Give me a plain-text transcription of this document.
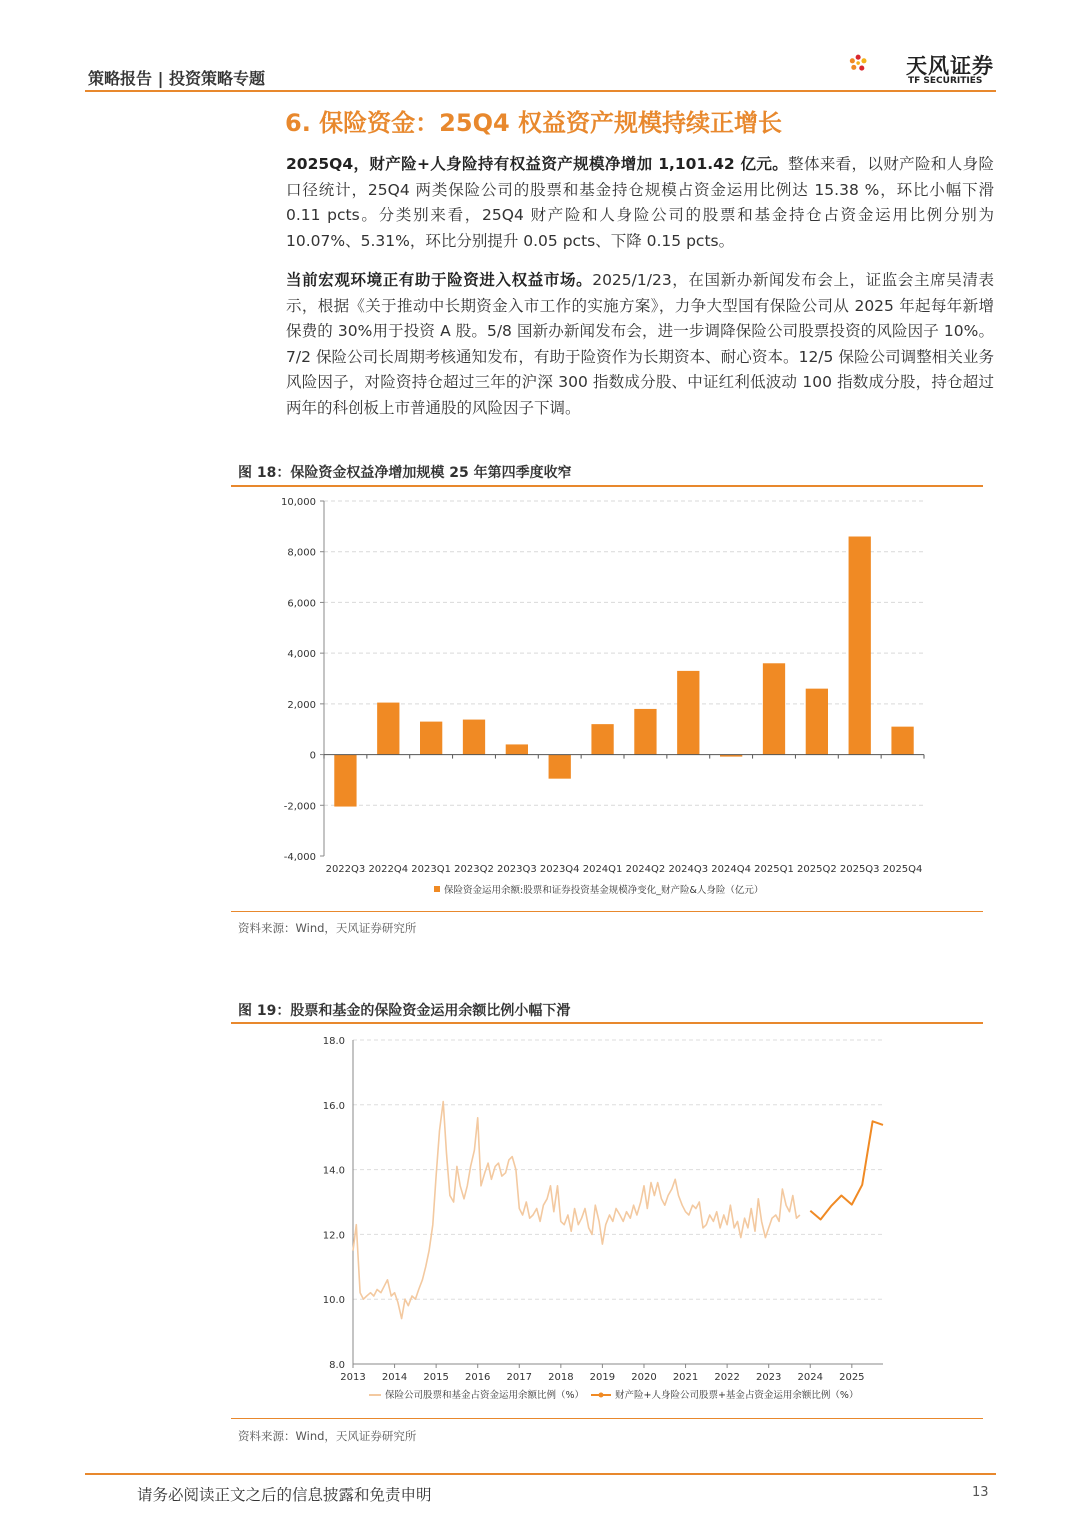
策略报告 | 投资策略专题
天风证券
TF SECURITIES
6. 保险资金：25Q4 权益资产规模持续正增长
2025Q4，财产险+人身险持有权益资产规模净增加 1,101.42 亿元。整体来看，以财产险和人身险口径统计，25Q4 两类保险公司的股票和基金持仓规模占资金运用比例达 15.38 %，环比小幅下滑 0.11 pcts。分类别来看，25Q4 财产险和人身险公司的股票和基金持仓占资金运用比例分别为 10.07%、5.31%，环比分别提升 0.05 pcts、下降 0.15 pcts。
当前宏观环境正有助于险资进入权益市场。2025/1/23，在国新办新闻发布会上，证监会主席吴清表示，根据《关于推动中长期资金入市工作的实施方案》，力争大型国有保险公司从 2025 年起每年新增保费的 30%用于投资 A 股。5/8 国新办新闻发布会，进一步调降保险公司股票投资的风险因子 10%。7/2 保险公司长周期考核通知发布，有助于险资作为长期资本、耐心资本。12/5 保险公司调整相关业务风险因子，对险资持仓超过三年的沪深 300 指数成分股、中证红利低波动 100 指数成分股，持仓超过两年的科创板上市普通股的风险因子下调。
图 18：保险资金权益净增加规模 25 年第四季度收窄
-4,000
-2,000
0
2,000
4,000
6,000
8,000
10,000
2022Q3 2022Q4 2023Q1 2023Q2 2023Q3 2023Q4 2024Q1 2024Q2 2024Q3 2024Q4 2025Q1 2025Q2 2025Q3 2025Q4
保险资金运用余额:股票和证券投资基金规模净变化_财产险&人身险（亿元）
资料来源：Wind，天风证券研究所
图 19：股票和基金的保险资金运用余额比例小幅下滑
8.0
10.0
12.0
14.0
16.0
18.0
2013 2014 2015 2016 2017 2018 2019 2020 2021 2022 2023 2024 2025
保险公司股票和基金占资金运用余额比例（%）	财产险+人身险公司股票+基金占资金运用余额比例（%）
资料来源：Wind，天风证券研究所
请务必阅读正文之后的信息披露和免责申明	13
